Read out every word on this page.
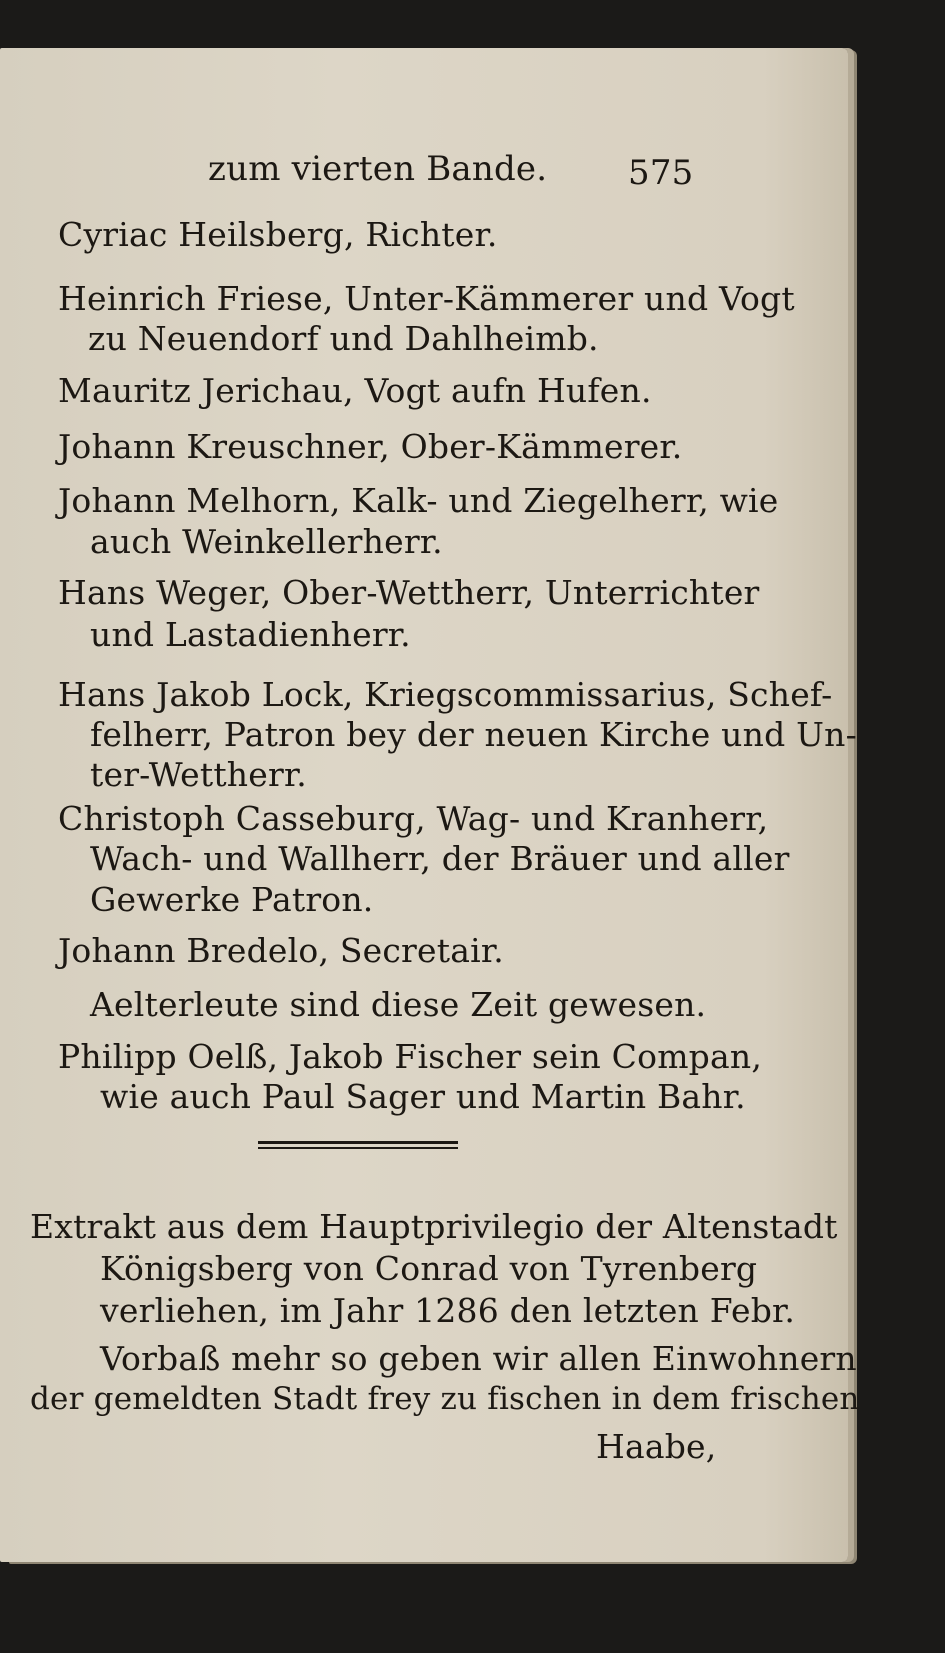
zum vierten Bande. 575
Cyriac Heilsberg, Richter.
Heinrich Friese, Unter-Kämmerer und Vogt
zu Neuendorf und Dahlheimb.
Mauritz Jerichau, Vogt aufn Hufen.
Johann Kreuschner, Ober-Kämmerer.
Johann Melhorn, Kalk- und Ziegelherr, wie
auch Weinkellerherr.
Hans Weger, Ober-Wettherr, Unterrichter
und Lastadienherr.
Hans Jakob Lock, Kriegscommissarius, Schef-
felherr, Patron bey der neuen Kirche und Un-
ter-Wettherr.
Christoph Casseburg, Wag- und Kranherr,
Wach- und Wallherr, der Bräuer und aller
Gewerke Patron.
Johann Bredelo, Secretair.
Aelterleute sind diese Zeit gewesen.
Philipp Oelß, Jakob Fischer sein Compan,
wie auch Paul Sager und Martin Bahr.
Extrakt aus dem Hauptprivilegio der Altenstadt
Königsberg von Conrad von Tyrenberg
verliehen, im Jahr 1286 den letzten Febr.
Vorbaß mehr so geben wir allen Einwohnern
der gemeldten Stadt frey zu fischen in dem frischen
Haabe,
